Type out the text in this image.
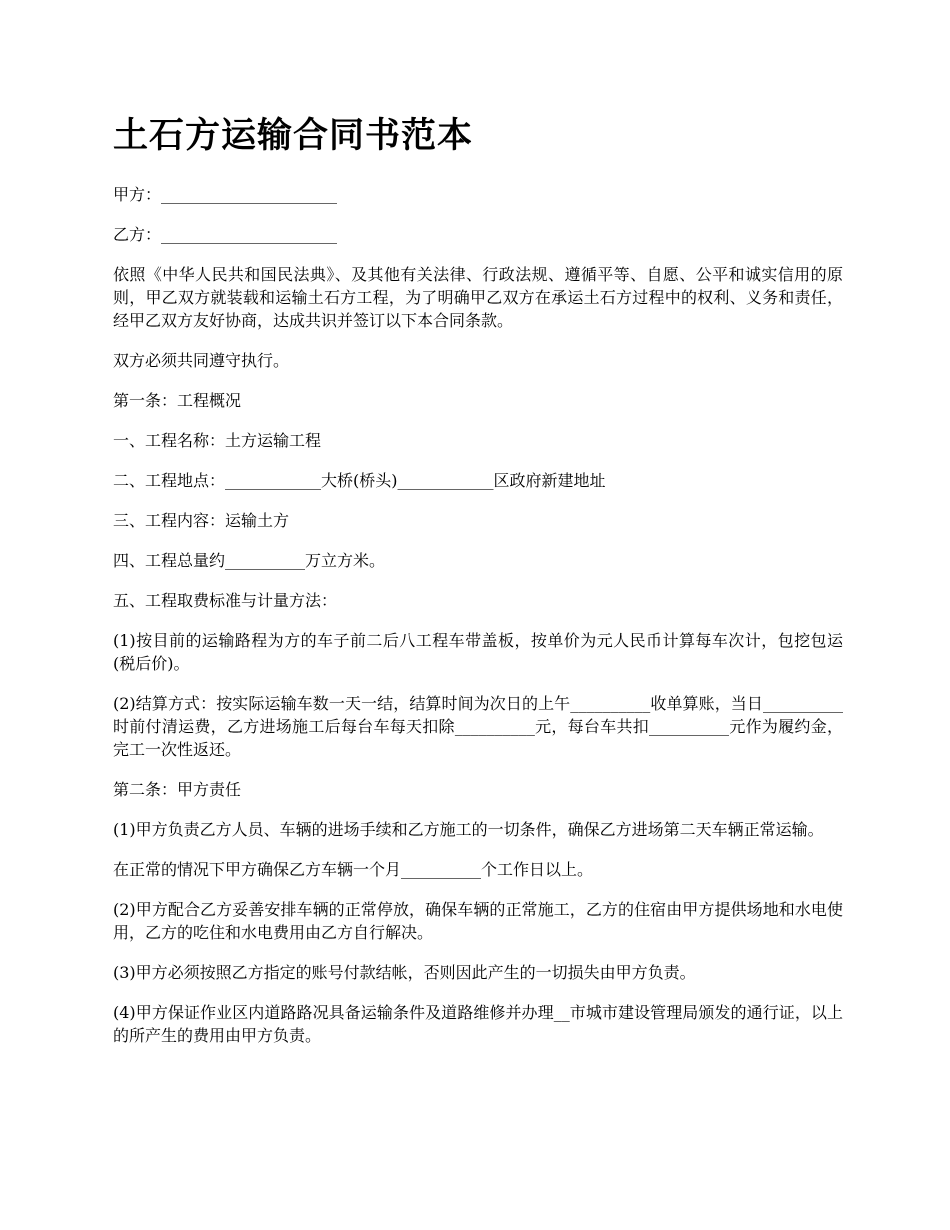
土石方运输合同书范本

甲方：______________________

乙方：______________________

依照《中华人民共和国民法典》、及其他有关法律、行政法规、遵循平等、自愿、公平和诚实信用的原则，甲乙双方就装载和运输土石方工程，为了明确甲乙双方在承运土石方过程中的权利、义务和责任，经甲乙双方友好协商，达成共识并签订以下本合同条款。

双方必须共同遵守执行。

第一条：工程概况

一、工程名称：土方运输工程

二、工程地点：____________大桥(桥头)____________区政府新建地址

三、工程内容：运输土方

四、工程总量约__________万立方米。

五、工程取费标准与计量方法：

(1)按目前的运输路程为方的车子前二后八工程车带盖板，按单价为元人民币计算每车次计，包挖包运(税后价)。

(2)结算方式：按实际运输车数一天一结，结算时间为次日的上午__________收单算账，当日__________时前付清运费，乙方进场施工后每台车每天扣除__________元，每台车共扣__________元作为履约金，完工一次性返还。

第二条：甲方责任

(1)甲方负责乙方人员、车辆的进场手续和乙方施工的一切条件，确保乙方进场第二天车辆正常运输。

在正常的情况下甲方确保乙方车辆一个月__________个工作日以上。

(2)甲方配合乙方妥善安排车辆的正常停放，确保车辆的正常施工，乙方的住宿由甲方提供场地和水电使用，乙方的吃住和水电费用由乙方自行解决。

(3)甲方必须按照乙方指定的账号付款结帐，否则因此产生的一切损失由甲方负责。

(4)甲方保证作业区内道路路况具备运输条件及道路维修并办理__市城市建设管理局颁发的通行证，以上的所产生的费用由甲方负责。
